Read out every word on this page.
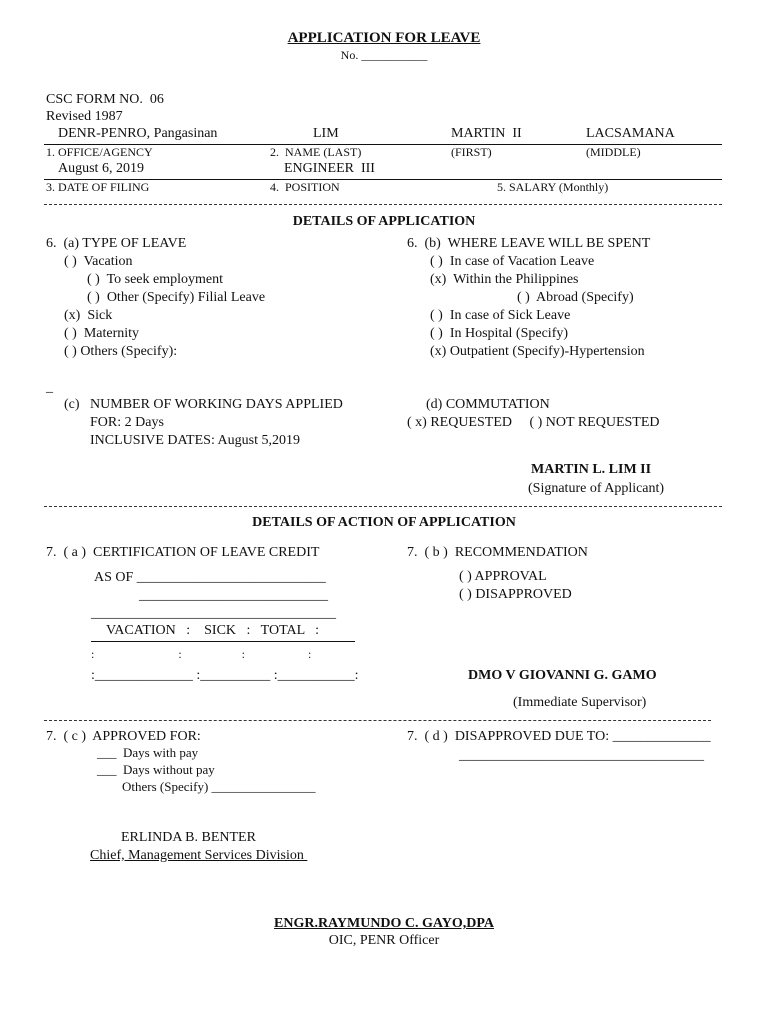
APPLICATION FOR LEAVE
No. ___________
CSC FORM NO.  06
Revised 1987
DENR-PENRO, Pangasinan	LIM	MARTIN  II	LACSAMANA
1. OFFICE/AGENCY	2.  NAME (LAST)	(FIRST)	(MIDDLE)
August 6, 2019	ENGINEER  III
3. DATE OF FILING	4.  POSITION	5. SALARY (Monthly)
DETAILS OF APPLICATION
6.  (a) TYPE OF LEAVE
( )  Vacation
( )  To seek employment
( )  Other (Specify) Filial Leave
(x)  Sick
( )  Maternity
( ) Others (Specify):
6.  (b)  WHERE LEAVE WILL BE SPENT
( )  In case of Vacation Leave
(x)  Within the Philippines
( )  Abroad (Specify)
( )  In case of Sick Leave
( )  In Hospital (Specify)
(x) Outpatient (Specify)-Hypertension
_
(c)   NUMBER OF WORKING DAYS APPLIED
FOR: 2 Days
INCLUSIVE DATES: August 5,2019
(d) COMMUTATION
( x) REQUESTED     ( ) NOT REQUESTED
MARTIN L. LIM II
(Signature of Applicant)
DETAILS OF ACTION OF APPLICATION
7.  ( a )  CERTIFICATION OF LEAVE CREDIT
AS OF ___________________________
___________________________
___________________________________
VACATION   :    SICK   :   TOTAL   :
:                            :                    :                     :
:______________ :__________ :___________:
7.  ( b )  RECOMMENDATION
( ) APPROVAL
( ) DISAPPROVED
DMO V GIOVANNI G. GAMO
(Immediate Supervisor)
7.  ( c )  APPROVED FOR:
___  Days with pay
___  Days without pay
Others (Specify) ________________
7.  ( d )  DISAPPROVED DUE TO: ______________
___________________________________
ERLINDA B. BENTER
Chief, Management Services Division
ENGR.RAYMUNDO C. GAYO,DPA
OIC, PENR Officer
